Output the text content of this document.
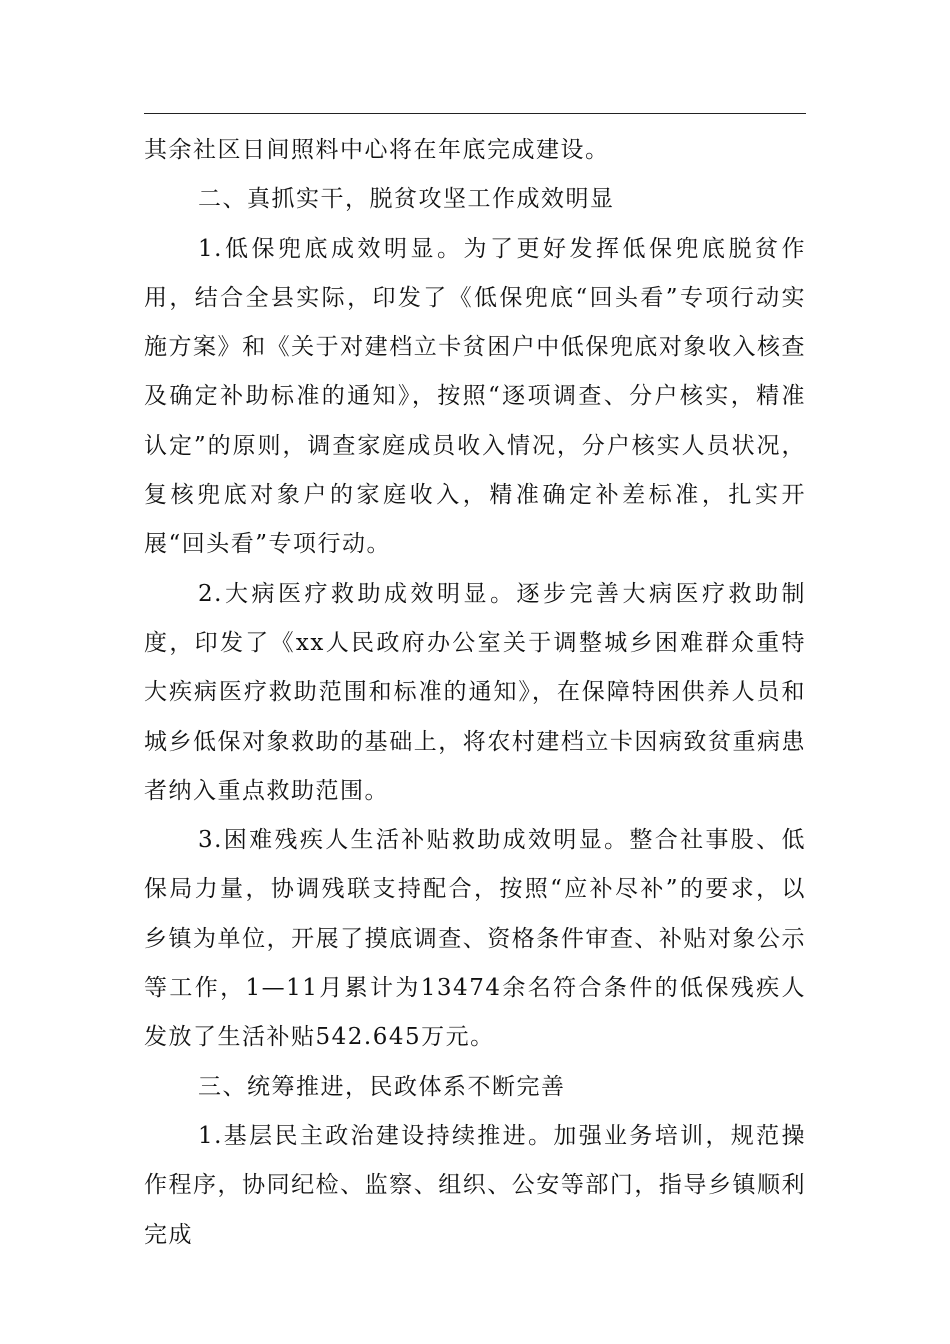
其余社区日间照料中心将在年底完成建设。

二、真抓实干，脱贫攻坚工作成效明显

1.低保兜底成效明显。为了更好发挥低保兜底脱贫作用，结合全县实际，印发了《低保兜底“回头看”专项行动实施方案》和《关于对建档立卡贫困户中低保兜底对象收入核查及确定补助标准的通知》，按照“逐项调查、分户核实，精准认定”的原则，调查家庭成员收入情况，分户核实人员状况，复核兜底对象户的家庭收入，精准确定补差标准，扎实开展“回头看”专项行动。

2.大病医疗救助成效明显。逐步完善大病医疗救助制度，印发了《xx人民政府办公室关于调整城乡困难群众重特大疾病医疗救助范围和标准的通知》，在保障特困供养人员和城乡低保对象救助的基础上，将农村建档立卡因病致贫重病患者纳入重点救助范围。

3.困难残疾人生活补贴救助成效明显。整合社事股、低保局力量，协调残联支持配合，按照“应补尽补”的要求，以乡镇为单位，开展了摸底调查、资格条件审查、补贴对象公示等工作，1—11月累计为13474余名符合条件的低保残疾人发放了生活补贴542.645万元。

三、统筹推进，民政体系不断完善

1.基层民主政治建设持续推进。加强业务培训，规范操作程序，协同纪检、监察、组织、公安等部门，指导乡镇顺利完成
